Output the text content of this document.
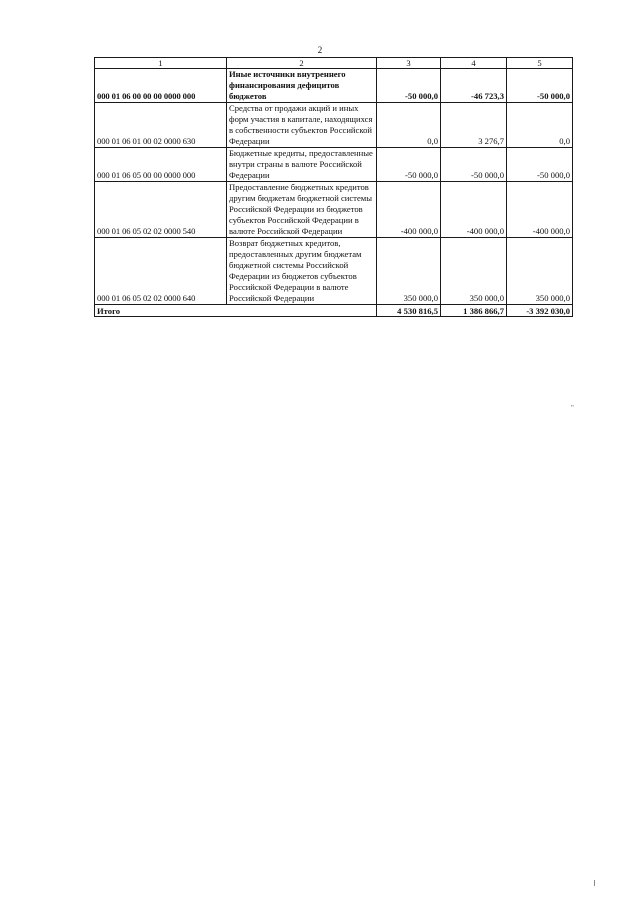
2
1	2	3	4	5
000 01 06 00 00 00 0000 000	Иные источники внутреннего финансирования дефицитов бюджетов	-50 000,0	-46 723,3	-50 000,0
000 01 06 01 00 02 0000 630	Средства от продажи акций и иных форм участия в капитале, находящихся в собственности субъектов Российской Федерации	0,0	3 276,7	0,0
000 01 06 05 00 00 0000 000	Бюджетные кредиты, предоставленные внутри страны в валюте Российской Федерации	-50 000,0	-50 000,0	-50 000,0
000 01 06 05 02 02 0000 540	Предоставление бюджетных кредитов другим бюджетам бюджетной системы Российской Федерации из бюджетов субъектов Российской Федерации в валюте Российской Федерации	-400 000,0	-400 000,0	-400 000,0
000 01 06 05 02 02 0000 640	Возврат бюджетных кредитов, предоставленных другим бюджетам бюджетной системы Российской Федерации из бюджетов субъектов Российской Федерации в валюте Российской Федерации	350 000,0	350 000,0	350 000,0
Итого		4 530 816,5	1 386 866,7	-3 392 030,0
"
